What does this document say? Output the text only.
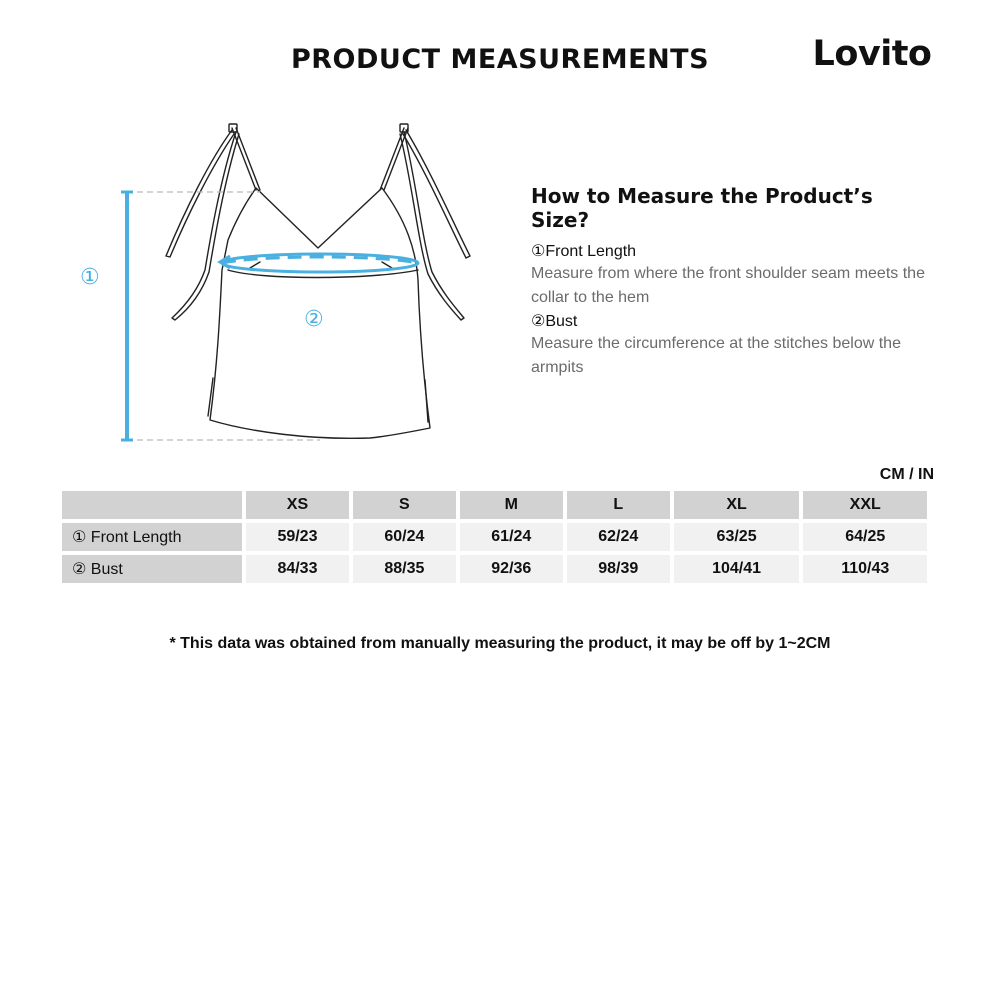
PRODUCT MEASUREMENTS	Lovito
①
②
How to Measure the Product’s Size?
①Front Length
Measure from where the front shoulder seam meets the collar to the hem
②Bust
Measure the circumference at the stitches below the armpits
CM / IN
	XS	S	M	L	XL	XXL
① Front Length	59/23	60/24	61/24	62/24	63/25	64/25
② Bust	84/33	88/35	92/36	98/39	104/41	110/43
* This data was obtained from manually measuring the product, it may be off by 1~2CM
